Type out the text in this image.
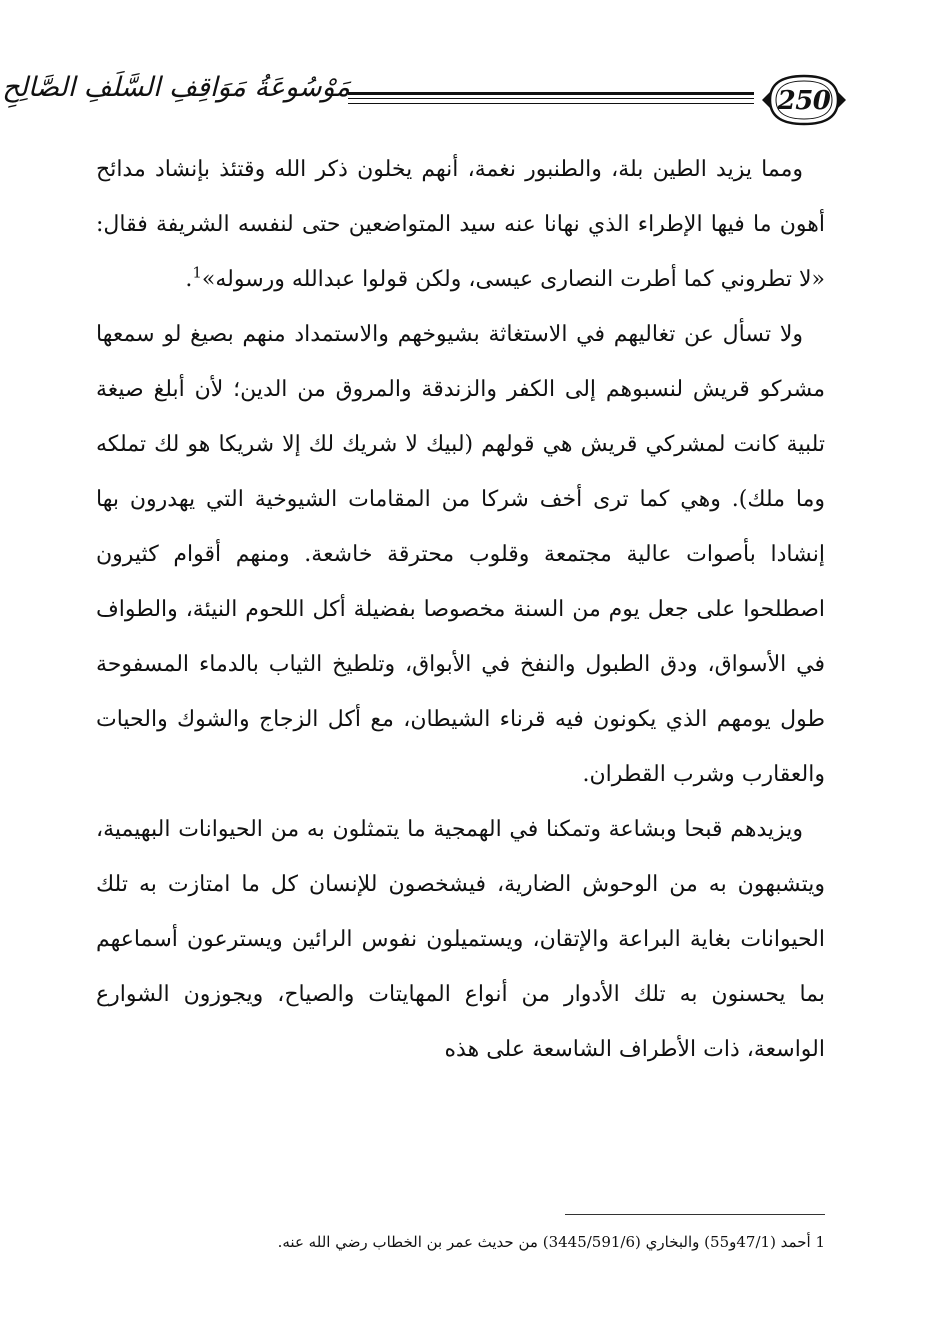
250
مَوْسُوعَةُ مَوَاقِفِ السَّلَفِ الصَّالِحِ

ومما يزيد الطين بلة، والطنبور نغمة، أنهم يخلون ذكر الله وقتئذ بإنشاد مدائح أهون ما فيها الإطراء الذي نهانا عنه سيد المتواضعين حتى لنفسه الشريفة فقال: «لا تطروني كما أطرت النصارى عيسى، ولكن قولوا عبدالله ورسوله»$^1$.

ولا تسأل عن تغاليهم في الاستغاثة بشيوخهم والاستمداد منهم بصيغ لو سمعها مشركو قريش لنسبوهم إلى الكفر والزندقة والمروق من الدين؛ لأن أبلغ صيغة تلبية كانت لمشركي قريش هي قولهم (لبيك لا شريك لك إلا شريكا هو لك تملكه وما ملك). وهي كما ترى أخف شركا من المقامات الشيوخية التي يهدرون بها إنشادا بأصوات عالية مجتمعة وقلوب محترقة خاشعة. ومنهم أقوام كثيرون اصطلحوا على جعل يوم من السنة مخصوصا بفضيلة أكل اللحوم النيئة، والطواف في الأسواق، ودق الطبول والنفخ في الأبواق، وتلطيخ الثياب بالدماء المسفوحة طول يومهم الذي يكونون فيه قرناء الشيطان، مع أكل الزجاج والشوك والحيات والعقارب وشرب القطران.

ويزيدهم قبحا وبشاعة وتمكنا في الهمجية ما يتمثلون به من الحيوانات البهيمية، ويتشبهون به من الوحوش الضارية، فيشخصون للإنسان كل ما امتازت به تلك الحيوانات بغاية البراعة والإتقان، ويستميلون نفوس الرائين ويسترعون أسماعهم بما يحسنون به تلك الأدوار من أنواع المهايتات والصياح، ويجوزون الشوارع الواسعة، ذات الأطراف الشاسعة على هذه

1 أحمد (47/1و55) والبخاري (3445/591/6) من حديث عمر بن الخطاب رضي الله عنه.
